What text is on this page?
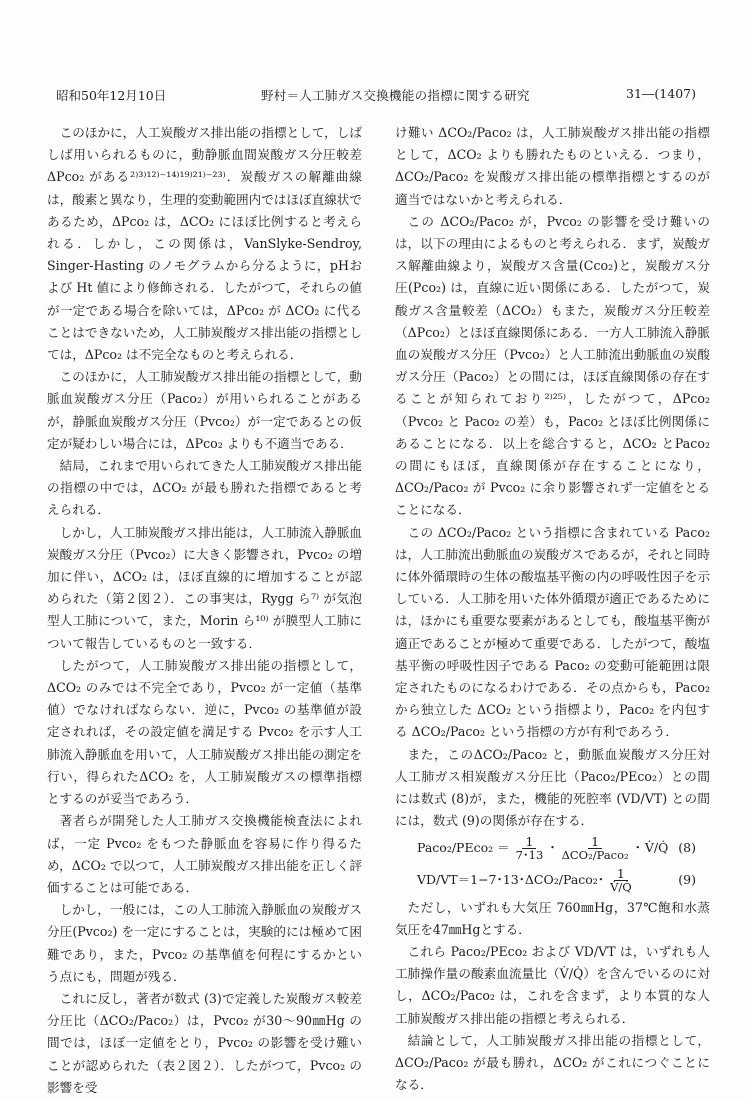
昭和50年12月10日	野村＝人工肺ガス交換機能の指標に関する研究	31―(1407)

このほかに，人工炭酸ガス排出能の指標として，しばしば用いられるものに，動静脈血間炭酸ガス分圧較差 ΔPco₂ がある²⁾³⁾¹²⁾⁻¹⁴⁾¹⁹⁾²¹⁾⁻²³⁾．炭酸ガスの解離曲線は，酸素と異なり，生理的変動範囲内ではほぼ直線状であるため，ΔPco₂ は，ΔCO₂ にほぼ比例すると考えられる．しかし，この関係は，VanSlyke-Sendroy, Singer-Hasting のノモグラムから分るように，pHおよび Ht 値により修飾される．したがつて，それらの値が一定である場合を除いては，ΔPco₂ が ΔCO₂ に代ることはできないため，人工肺炭酸ガス排出能の指標としては，ΔPco₂ は不完全なものと考えられる．

このほかに，人工肺炭酸ガス排出能の指標として，動脈血炭酸ガス分圧（Paco₂）が用いられることがあるが，静脈血炭酸ガス分圧（Pvco₂）が一定であるとの仮定が疑わしい場合には，ΔPco₂ よりも不適当である．

結局，これまで用いられてきた人工肺炭酸ガス排出能の指標の中では，ΔCO₂ が最も勝れた指標であると考えられる．

しかし，人工肺炭酸ガス排出能は，人工肺流入静脈血炭酸ガス分圧（Pvco₂）に大きく影響され，Pvco₂ の増加に伴い，ΔCO₂ は，ほぼ直線的に増加することが認められた（第２図２）．この事実は，Rygg ら⁷⁾ が気泡型人工肺について，また，Morin ら¹⁰⁾ が膜型人工肺について報告しているものと一致する．

したがつて，人工肺炭酸ガス排出能の指標として，ΔCO₂ のみでは不完全であり，Pvco₂ が一定値（基準値）でなければならない．逆に，Pvco₂ の基準値が設定されれば，その設定値を満足する Pvco₂ を示す人工肺流入静脈血を用いて，人工肺炭酸ガス排出能の測定を行い，得られたΔCO₂ を，人工肺炭酸ガスの標準指標とするのが妥当であろう．

著者らが開発した人工肺ガス交換機能検査法によれば，一定 Pvco₂ をもつた静脈血を容易に作り得るため，ΔCO₂ で以つて，人工肺炭酸ガス排出能を正しく評価することは可能である．

しかし，一般には，この人工肺流入静脈血の炭酸ガス分圧(Pvco₂) を一定にすることは，実験的には極めて困難であり，また，Pvco₂ の基準値を何程にするかという点にも，問題が残る．

これに反し，著者が数式 (3)で定義した炭酸ガス較差分圧比（ΔCO₂/Paco₂）は，Pvco₂ が30～90㎜Hg の間では，ほぼ一定値をとり，Pvco₂ の影響を受け難いことが認められた（表２図２）．したがつて，Pvco₂ の影響を受

け難い ΔCO₂/Paco₂ は，人工肺炭酸ガス排出能の指標として，ΔCO₂ よりも勝れたものといえる．つまり，ΔCO₂/Paco₂ を炭酸ガス排出能の標準指標とするのが適当ではないかと考えられる．

この ΔCO₂/Paco₂ が，Pvco₂ の影響を受け難いのは，以下の理由によるものと考えられる．まず，炭酸ガス解離曲線より，炭酸ガス含量(Cco₂)と，炭酸ガス分圧(Pco₂) は，直線に近い関係にある．したがつて，炭酸ガス含量較差（ΔCO₂）もまた，炭酸ガス分圧較差（ΔPco₂）とほぼ直線関係にある．一方人工肺流入静脈血の炭酸ガス分圧（Pvco₂）と人工肺流出動脈血の炭酸ガス分圧（Paco₂）との間には，ほぼ直線関係の存在することが知られており²⁾²⁵⁾，したがつて，ΔPco₂（Pvco₂ と Paco₂ の差）も，Paco₂ とほぼ比例関係にあることになる．以上を総合すると，ΔCO₂ とPaco₂ の間にもほぼ，直線関係が存在することになり，ΔCO₂/Paco₂ が Pvco₂ に余り影響されず一定値をとることになる．

この ΔCO₂/Paco₂ という指標に含まれている Paco₂ は，人工肺流出動脈血の炭酸ガスであるが，それと同時に体外循環時の生体の酸塩基平衡の内の呼吸性因子を示している．人工肺を用いた体外循環が適正であるためには，ほかにも重要な要素があるとしても，酸塩基平衡が適正であることが極めて重要である．したがつて，酸塩基平衡の呼吸性因子である Paco₂ の変動可能範囲は限定されたものになるわけである．その点からも，Paco₂ から独立した ΔCO₂ という指標より，Paco₂ を内包する ΔCO₂/Paco₂ という指標の方が有利であろう．

また，このΔCO₂/Paco₂ と，動脈血炭酸ガス分圧対人工肺ガス相炭酸ガス分圧比（Paco₂/PEco₂）との間には数式 (8)が，また，機能的死腔率 (VD/VT) との間には，数式 (9)の関係が存在する．

Paco₂/PEco₂ ＝ $\frac{1}{7･13}$ ･ $\frac{1}{\text{ΔCO₂/Paco₂}}$ ･ V̇/Q̇ (8)
VD/VT＝1−7･13･ΔCO₂/Paco₂･ $\frac{1}{V̇/Q̇}$	(9)

ただし，いずれも大気圧 760㎜Hg，37℃飽和水蒸気圧を47㎜Hgとする．

これら Paco₂/PEco₂ および VD/VT は，いずれも人工肺操作量の酸素血流量比（V̇/Q̇）を含んでいるのに対し，ΔCO₂/Paco₂ は，これを含まず，より本質的な人工肺炭酸ガス排出能の指標と考えられる．

結論として，人工肺炭酸ガス排出能の指標として，ΔCO₂/Paco₂ が最も勝れ，ΔCO₂ がこれにつぐことになる．
